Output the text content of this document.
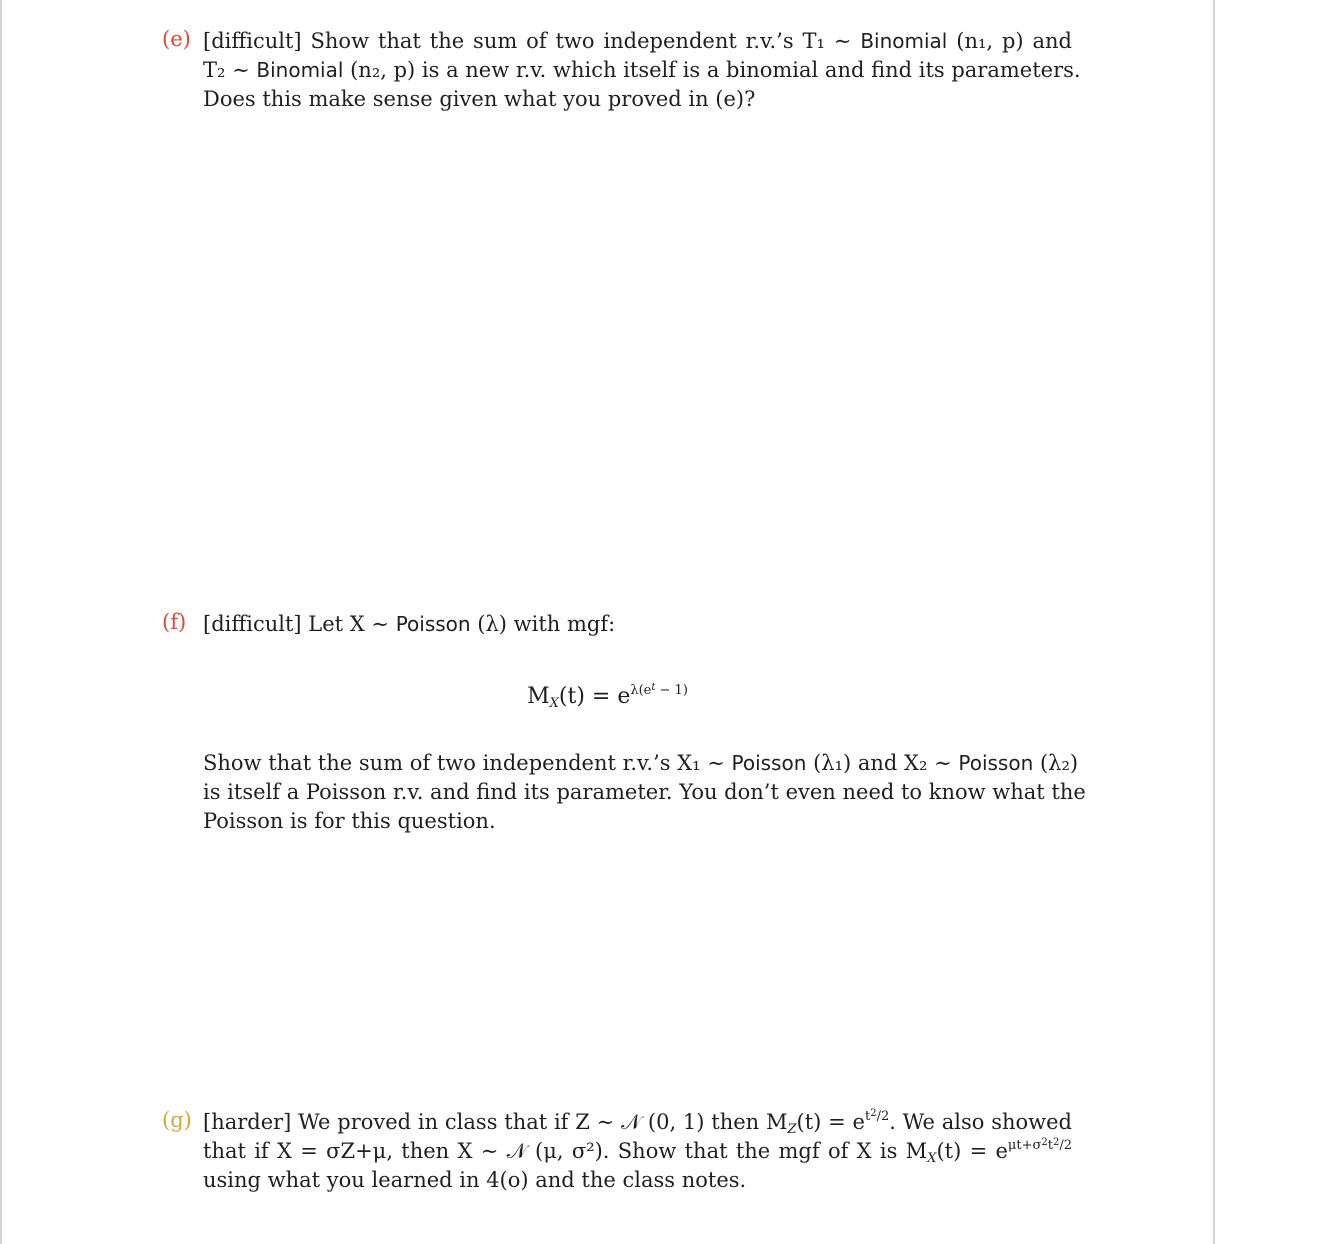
(e) [difficult] Show that the sum of two independent r.v.’s T₁ ∼ Binomial (n₁, p) and
T₂ ∼ Binomial (n₂, p) is a new r.v. which itself is a binomial and find its parameters.
Does this make sense given what you proved in (e)?
(f) [difficult] Let X ∼ Poisson (λ) with mgf:
$M_X(t) = e^{\lambda(e^t - 1)}$
Show that the sum of two independent r.v.’s X₁ ∼ Poisson (λ₁) and X₂ ∼ Poisson (λ₂)
is itself a Poisson r.v. and find its parameter. You don’t even need to know what the
Poisson is for this question.
(g) [harder] We proved in class that if Z ∼ 𝒩 (0, 1) then $M_Z(t) = e^{t^2/2}$. We also showed
that if X = σZ+μ, then X ∼ 𝒩 (μ, σ²). Show that the mgf of X is $M_X(t) = e^{\mu t+\sigma^2t^2/2}$
using what you learned in 4(o) and the class notes.
